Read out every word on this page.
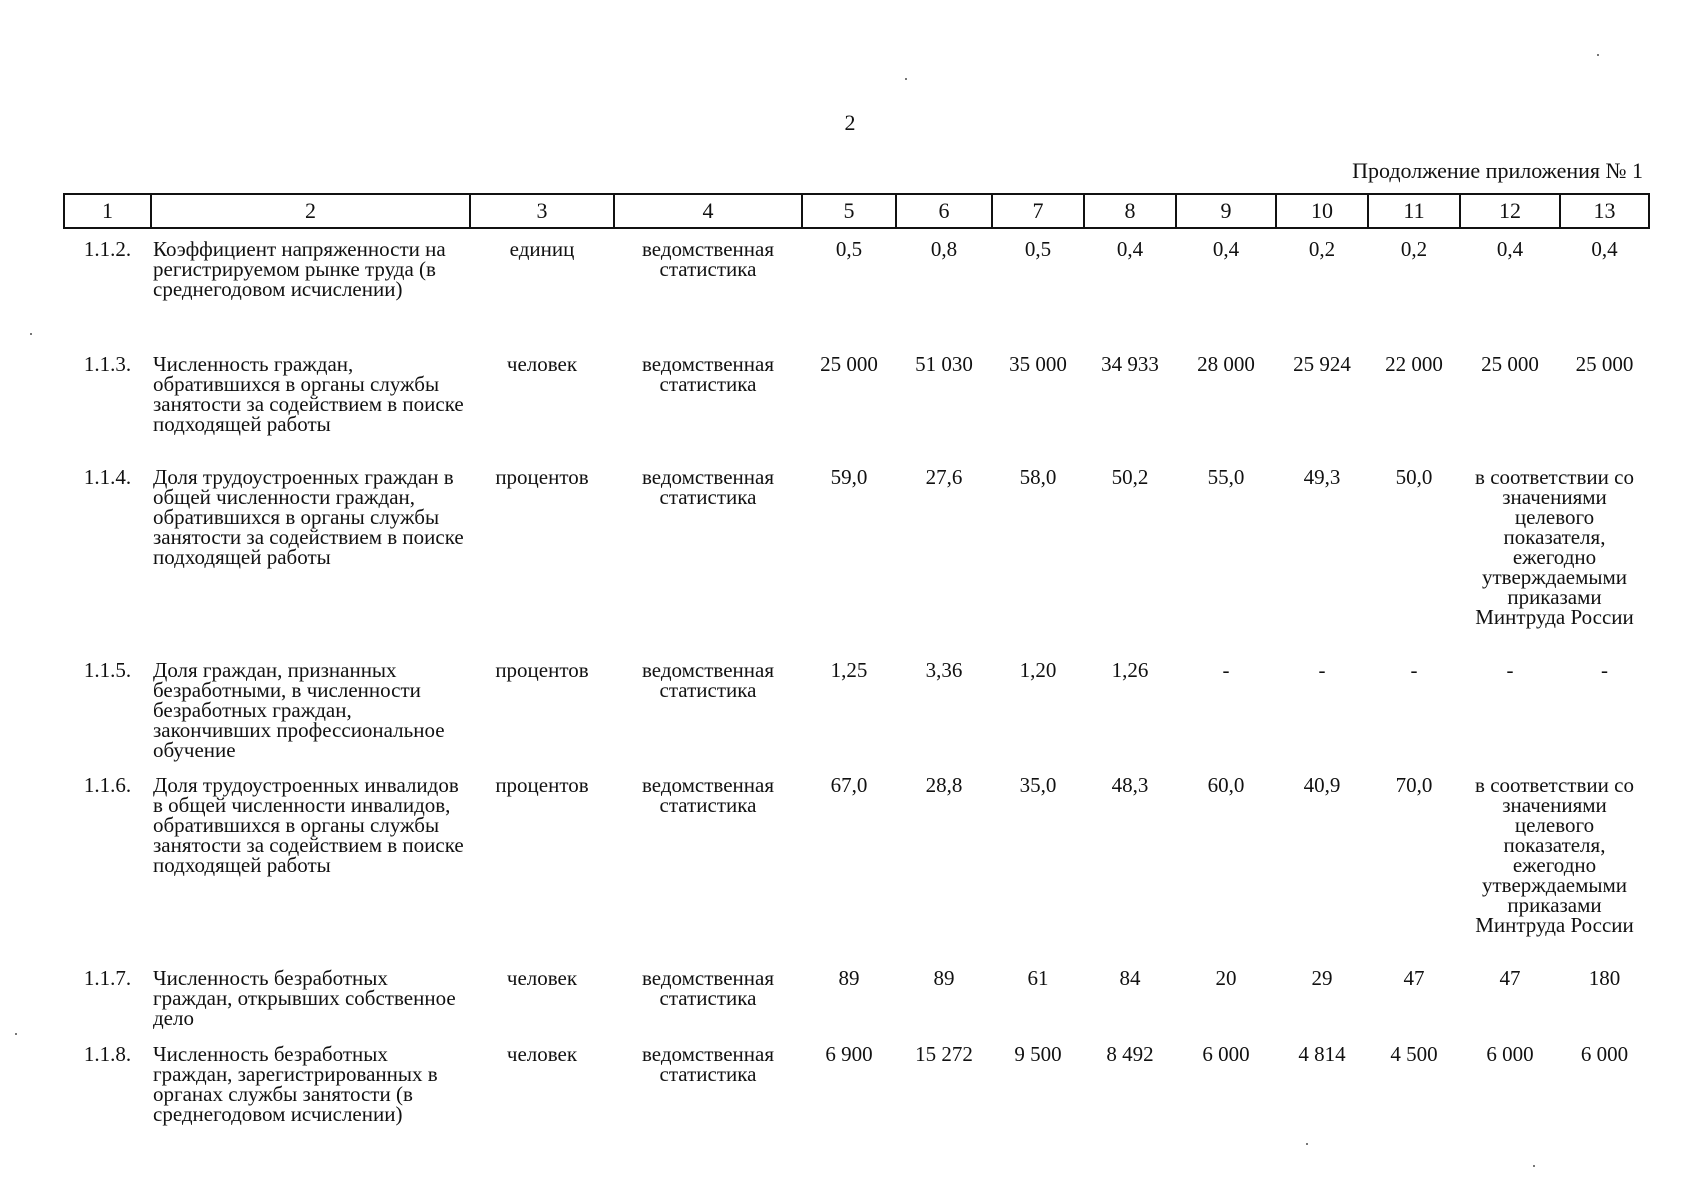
2
Продолжение приложения № 1
1	2	3	4	5	6	7	8	9	10	11	12	13
1.1.2.	Коэффициент напряженности на регистрируемом рынке труда (в среднегодовом исчислении)	единиц	ведомственная статистика	0,5	0,8	0,5	0,4	0,4	0,2	0,2	0,4	0,4
1.1.3.	Численность граждан, обратившихся в органы службы занятости за содействием в поиске подходящей работы	человек	ведомственная статистика	25 000	51 030	35 000	34 933	28 000	25 924	22 000	25 000	25 000
1.1.4.	Доля трудоустроенных граждан в общей численности граждан, обратившихся в органы службы занятости за содействием в поиске подходящей работы	процентов	ведомственная статистика	59,0	27,6	58,0	50,2	55,0	49,3	50,0	в соответствии со значениями целевого показателя, ежегодно утверждаемыми приказами Минтруда России	
1.1.5.	Доля граждан, признанных безработными, в численности безработных граждан, закончивших профессиональное обучение	процентов	ведомственная статистика	1,25	3,36	1,20	1,26	-	-	-	-	-
1.1.6.	Доля трудоустроенных инвалидов в общей численности инвалидов, обратившихся в органы службы занятости за содействием в поиске подходящей работы	процентов	ведомственная статистика	67,0	28,8	35,0	48,3	60,0	40,9	70,0	в соответствии со значениями целевого показателя, ежегодно утверждаемыми приказами Минтруда России	
1.1.7.	Численность безработных граждан, открывших собственное дело	человек	ведомственная статистика	89	89	61	84	20	29	47	47	180
1.1.8.	Численность безработных граждан, зарегистрированных в органах службы занятости (в среднегодовом исчислении)	человек	ведомственная статистика	6 900	15 272	9 500	8 492	6 000	4 814	4 500	6 000	6 000
